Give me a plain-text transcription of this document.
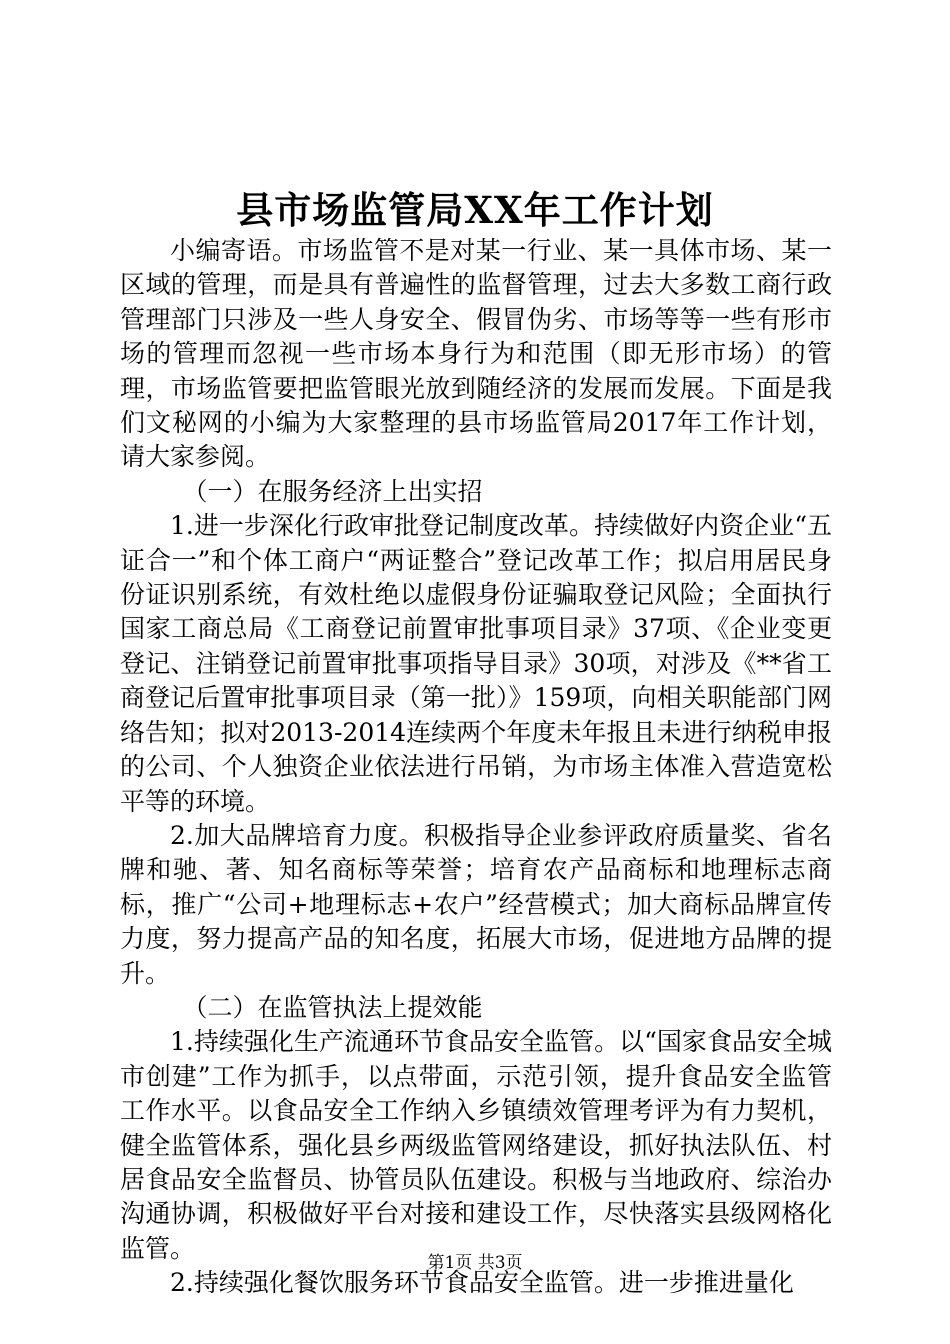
县市场监管局XX年工作计划

小编寄语。市场监管不是对某一行业、某一具体市场、某一区域的管理，而是具有普遍性的监督管理，过去大多数工商行政管理部门只涉及一些人身安全、假冒伪劣、市场等等一些有形市场的管理而忽视一些市场本身行为和范围（即无形市场）的管理，市场监管要把监管眼光放到随经济的发展而发展。下面是我们文秘网的小编为大家整理的县市场监管局2017年工作计划，请大家参阅。

（一）在服务经济上出实招

1.进一步深化行政审批登记制度改革。持续做好内资企业“五证合一”和个体工商户“两证整合”登记改革工作；拟启用居民身份证识别系统，有效杜绝以虚假身份证骗取登记风险；全面执行国家工商总局《工商登记前置审批事项目录》37项、《企业变更登记、注销登记前置审批事项指导目录》30项，对涉及《**省工商登记后置审批事项目录（第一批）》159项，向相关职能部门网络告知；拟对2013-2014连续两个年度未年报且未进行纳税申报的公司、个人独资企业依法进行吊销，为市场主体准入营造宽松平等的环境。

2.加大品牌培育力度。积极指导企业参评政府质量奖、省名牌和驰、著、知名商标等荣誉；培育农产品商标和地理标志商标，推广“公司+地理标志+农户”经营模式；加大商标品牌宣传力度，努力提高产品的知名度，拓展大市场，促进地方品牌的提升。

（二）在监管执法上提效能

1.持续强化生产流通环节食品安全监管。以“国家食品安全城市创建”工作为抓手，以点带面，示范引领，提升食品安全监管工作水平。以食品安全工作纳入乡镇绩效管理考评为有力契机，健全监管体系，强化县乡两级监管网络建设，抓好执法队伍、村居食品安全监督员、协管员队伍建设。积极与当地政府、综治办沟通协调，积极做好平台对接和建设工作，尽快落实县级网格化监管。

2.持续强化餐饮服务环节食品安全监管。进一步推进量化

第1页 共3页
